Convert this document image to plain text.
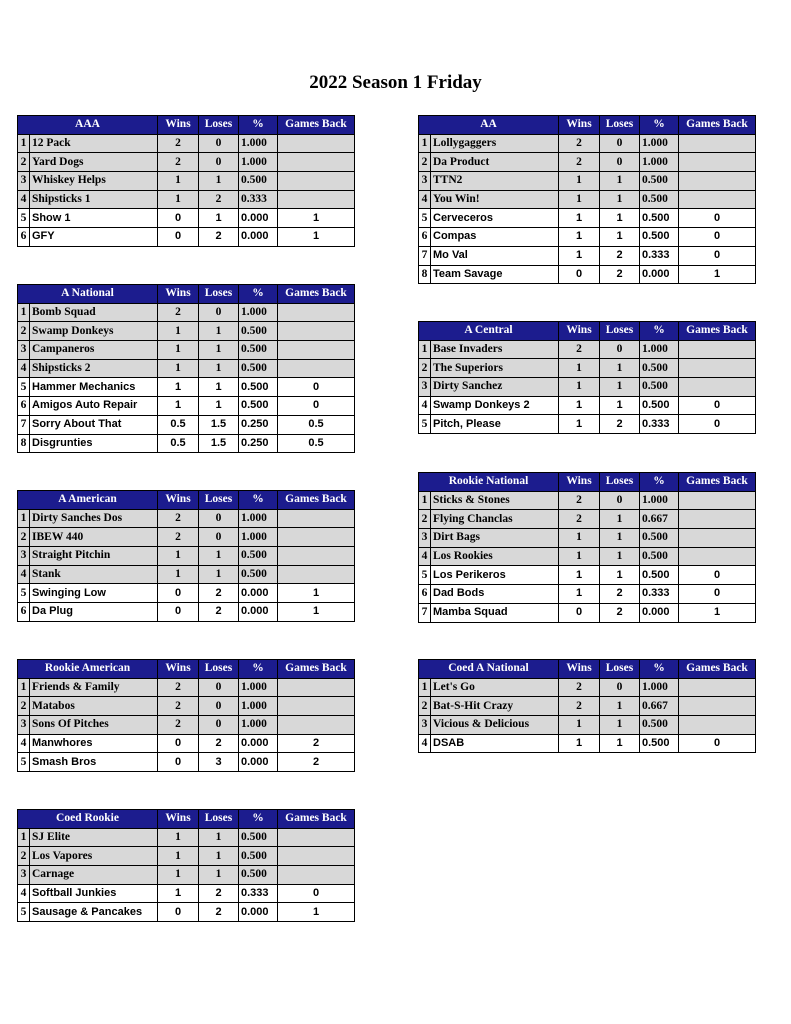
2022 Season 1 Friday
AAA		Wins	Loses	%	Games Back
1	12 Pack	2	0	1.000	
2	Yard Dogs	2	0	1.000	
3	Whiskey Helps	1	1	0.500	
4	Shipsticks 1	1	2	0.333	
5	Show 1	0	1	0.000	1
6	GFY	0	2	0.000	1
AA		Wins	Loses	%	Games Back
1	Lollygaggers	2	0	1.000	
2	Da Product	2	0	1.000	
3	TTN2	1	1	0.500	
4	You Win!	1	1	0.500	
5	Cerveceros	1	1	0.500	0
6	Compas	1	1	0.500	0
7	Mo Val	1	2	0.333	0
8	Team Savage	0	2	0.000	1
A National		Wins	Loses	%	Games Back
1	Bomb Squad	2	0	1.000	
2	Swamp Donkeys	1	1	0.500	
3	Campaneros	1	1	0.500	
4	Shipsticks 2	1	1	0.500	
5	Hammer Mechanics	1	1	0.500	0
6	Amigos Auto Repair	1	1	0.500	0
7	Sorry About That	0.5	1.5	0.250	0.5
8	Disgrunties	0.5	1.5	0.250	0.5
A Central		Wins	Loses	%	Games Back
1	Base Invaders	2	0	1.000	
2	The Superiors	1	1	0.500	
3	Dirty Sanchez	1	1	0.500	
4	Swamp Donkeys 2	1	1	0.500	0
5	Pitch, Please	1	2	0.333	0
A American		Wins	Loses	%	Games Back
1	Dirty Sanches Dos	2	0	1.000	
2	IBEW 440	2	0	1.000	
3	Straight Pitchin	1	1	0.500	
4	Stank	1	1	0.500	
5	Swinging Low	0	2	0.000	1
6	Da Plug	0	2	0.000	1
Rookie National		Wins	Loses	%	Games Back
1	Sticks & Stones	2	0	1.000	
2	Flying Chanclas	2	1	0.667	
3	Dirt Bags	1	1	0.500	
4	Los Rookies	1	1	0.500	
5	Los Perikeros	1	1	0.500	0
6	Dad Bods	1	2	0.333	0
7	Mamba Squad	0	2	0.000	1
Rookie American		Wins	Loses	%	Games Back
1	Friends & Family	2	0	1.000	
2	Matabos	2	0	1.000	
3	Sons Of Pitches	2	0	1.000	
4	Manwhores	0	2	0.000	2
5	Smash Bros	0	3	0.000	2
Coed A National		Wins	Loses	%	Games Back
1	Let's Go	2	0	1.000	
2	Bat-S-Hit Crazy	2	1	0.667	
3	Vicious & Delicious	1	1	0.500	
4	DSAB	1	1	0.500	0
Coed Rookie		Wins	Loses	%	Games Back
1	SJ Elite	1	1	0.500	
2	Los Vapores	1	1	0.500	
3	Carnage	1	1	0.500	
4	Softball Junkies	1	2	0.333	0
5	Sausage & Pancakes	0	2	0.000	1
